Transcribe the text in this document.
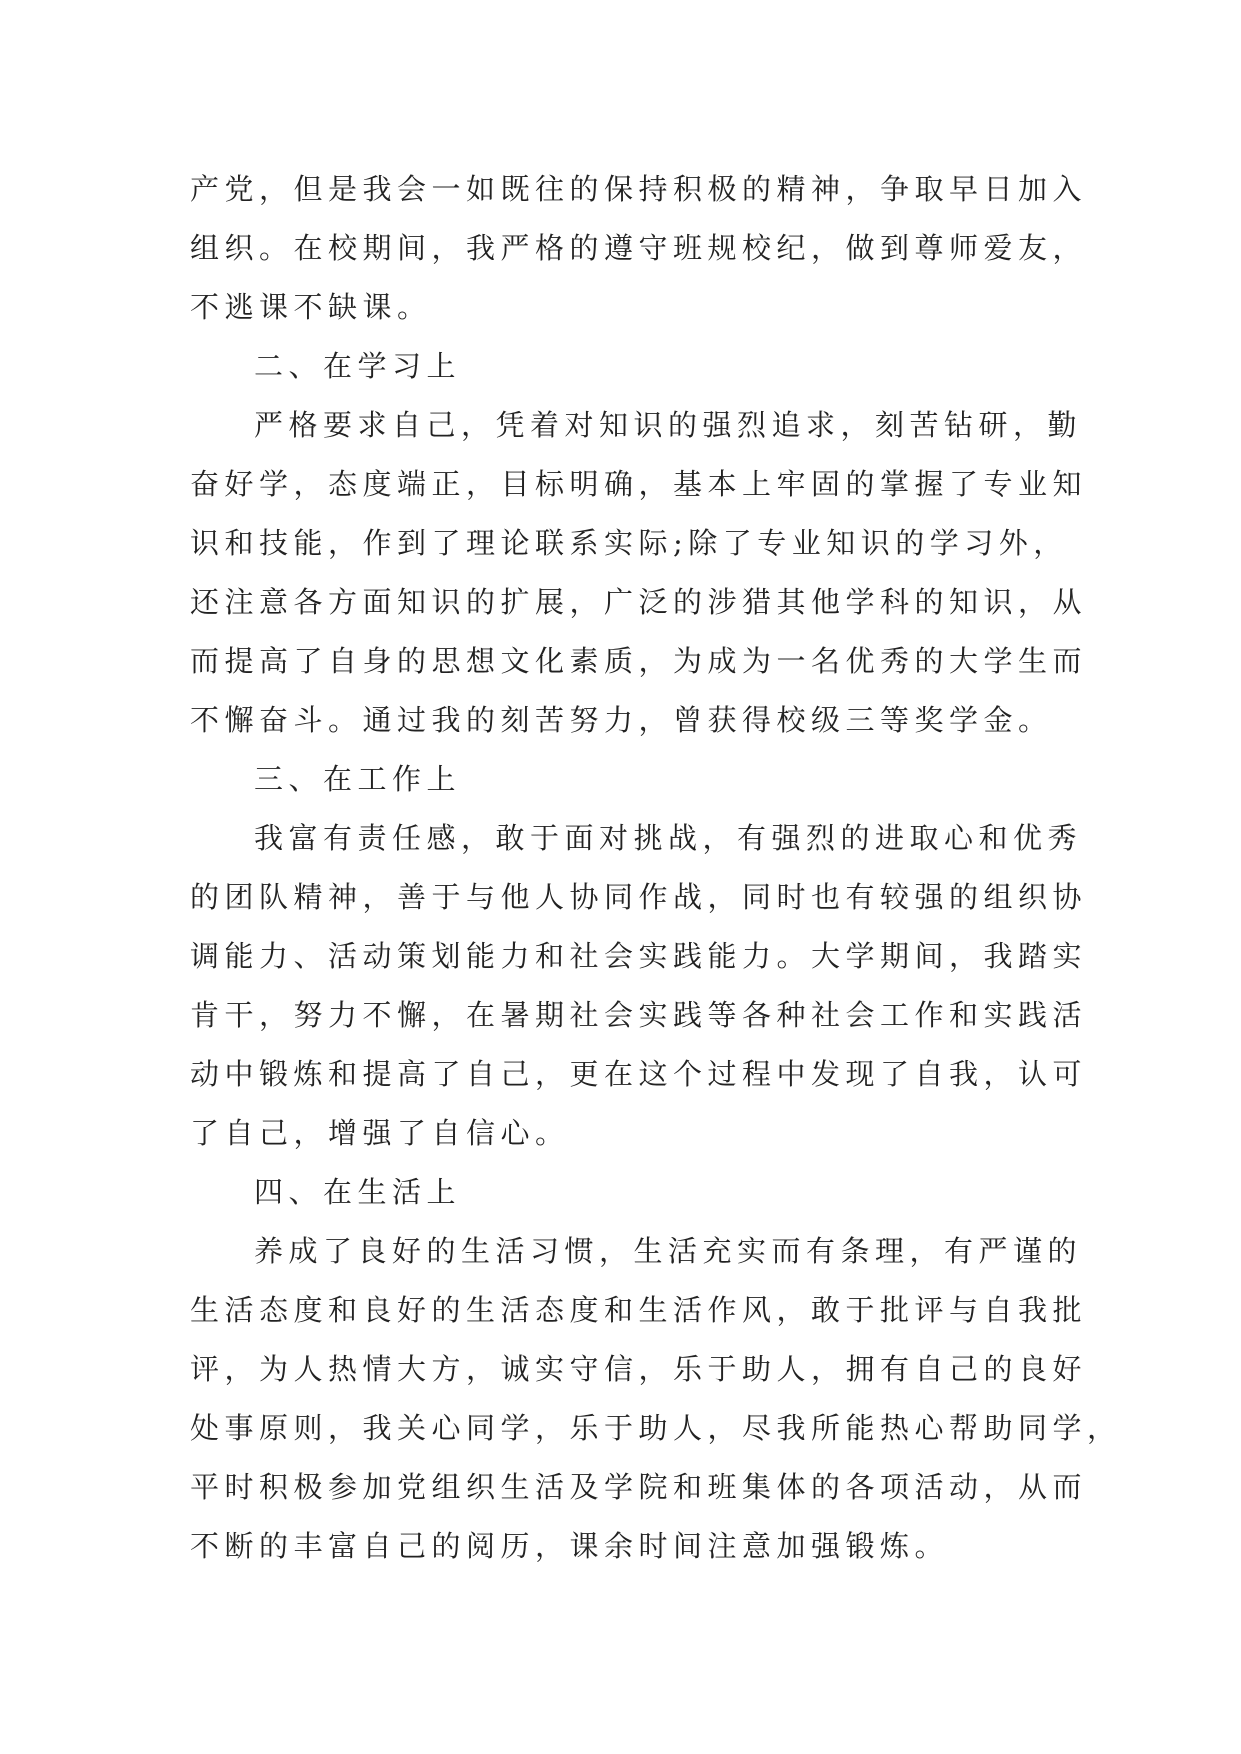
产党，但是我会一如既往的保持积极的精神，争取早日加入
组织。在校期间，我严格的遵守班规校纪，做到尊师爱友，
不逃课不缺课。
二、在学习上
严格要求自己，凭着对知识的强烈追求，刻苦钻研，勤
奋好学，态度端正，目标明确，基本上牢固的掌握了专业知
识和技能，作到了理论联系实际;除了专业知识的学习外，
还注意各方面知识的扩展，广泛的涉猎其他学科的知识，从
而提高了自身的思想文化素质，为成为一名优秀的大学生而
不懈奋斗。通过我的刻苦努力，曾获得校级三等奖学金。
三、在工作上
我富有责任感，敢于面对挑战，有强烈的进取心和优秀
的团队精神，善于与他人协同作战，同时也有较强的组织协
调能力、活动策划能力和社会实践能力。大学期间，我踏实
肯干，努力不懈，在暑期社会实践等各种社会工作和实践活
动中锻炼和提高了自己，更在这个过程中发现了自我，认可
了自己，增强了自信心。
四、在生活上
养成了良好的生活习惯，生活充实而有条理，有严谨的
生活态度和良好的生活态度和生活作风，敢于批评与自我批
评，为人热情大方，诚实守信，乐于助人，拥有自己的良好
处事原则，我关心同学，乐于助人，尽我所能热心帮助同学，
平时积极参加党组织生活及学院和班集体的各项活动，从而
不断的丰富自己的阅历，课余时间注意加强锻炼。
